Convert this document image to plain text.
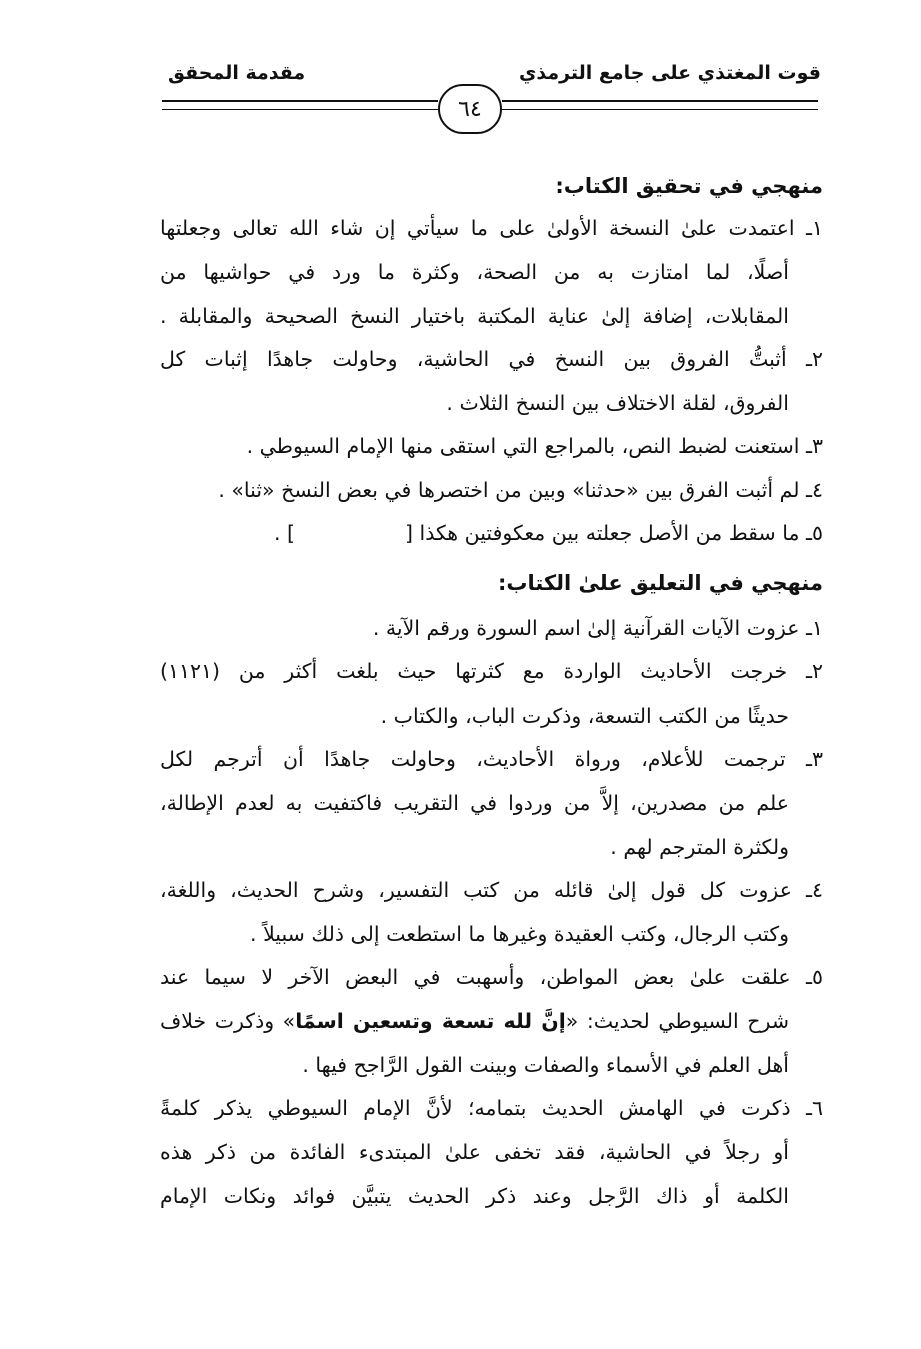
قوت المغتذي على جامع الترمذي
مقدمة المحقق
٦٤
منهجي في تحقيق الكتاب:
١ـ اعتمدت علىٰ النسخة الأولىٰ على ما سيأتي إن شاء الله تعالى وجعلتها
أصلًا، لما امتازت به من الصحة، وكثرة ما ورد في حواشيها من
المقابلات، إضافة إلىٰ عناية المكتبة باختيار النسخ الصحيحة والمقابلة .
٢ـ أثبتُّ الفروق بين النسخ في الحاشية، وحاولت جاهدًا إثبات كل
الفروق، لقلة الاختلاف بين النسخ الثلاث .
٣ـ استعنت لضبط النص، بالمراجع التي استقى منها الإمام السيوطي .
٤ـ لم أثبت الفرق بين «حدثنا» وبين من اختصرها في بعض النسخ «ثنا» .
٥ـ ما سقط من الأصل جعلته بين معكوفتين هكذا [] .
منهجي في التعليق علىٰ الكتاب:
١ـ عزوت الآيات القرآنية إلىٰ اسم السورة ورقم الآية .
٢ـ خرجت الأحاديث الواردة مع كثرتها حيث بلغت أكثر من (١١٢١)
حديثًا من الكتب التسعة، وذكرت الباب، والكتاب .
٣ـ ترجمت للأعلام، ورواة الأحاديث، وحاولت جاهدًا أن أترجم لكل
علم من مصدرين، إلاَّ من وردوا في التقريب فاكتفيت به لعدم الإطالة،
ولكثرة المترجم لهم .
٤ـ عزوت كل قول إلىٰ قائله من كتب التفسير، وشرح الحديث، واللغة،
وكتب الرجال، وكتب العقيدة وغيرها ما استطعت إلى ذلك سبيلاً .
٥ـ علقت علىٰ بعض المواطن، وأسهبت في البعض الآخر لا سيما عند
شرح السيوطي لحديث: «إنَّ لله تسعة وتسعين اسمًا» وذكرت خلاف
أهل العلم في الأسماء والصفات وبينت القول الرَّاجح فيها .
٦ـ ذكرت في الهامش الحديث بتمامه؛ لأنَّ الإمام السيوطي يذكر كلمةً
أو رجلاً في الحاشية، فقد تخفى علىٰ المبتدىء الفائدة من ذكر هذه
الكلمة أو ذاك الرَّجل وعند ذكر الحديث يتبيَّن فوائد ونكات الإمام
